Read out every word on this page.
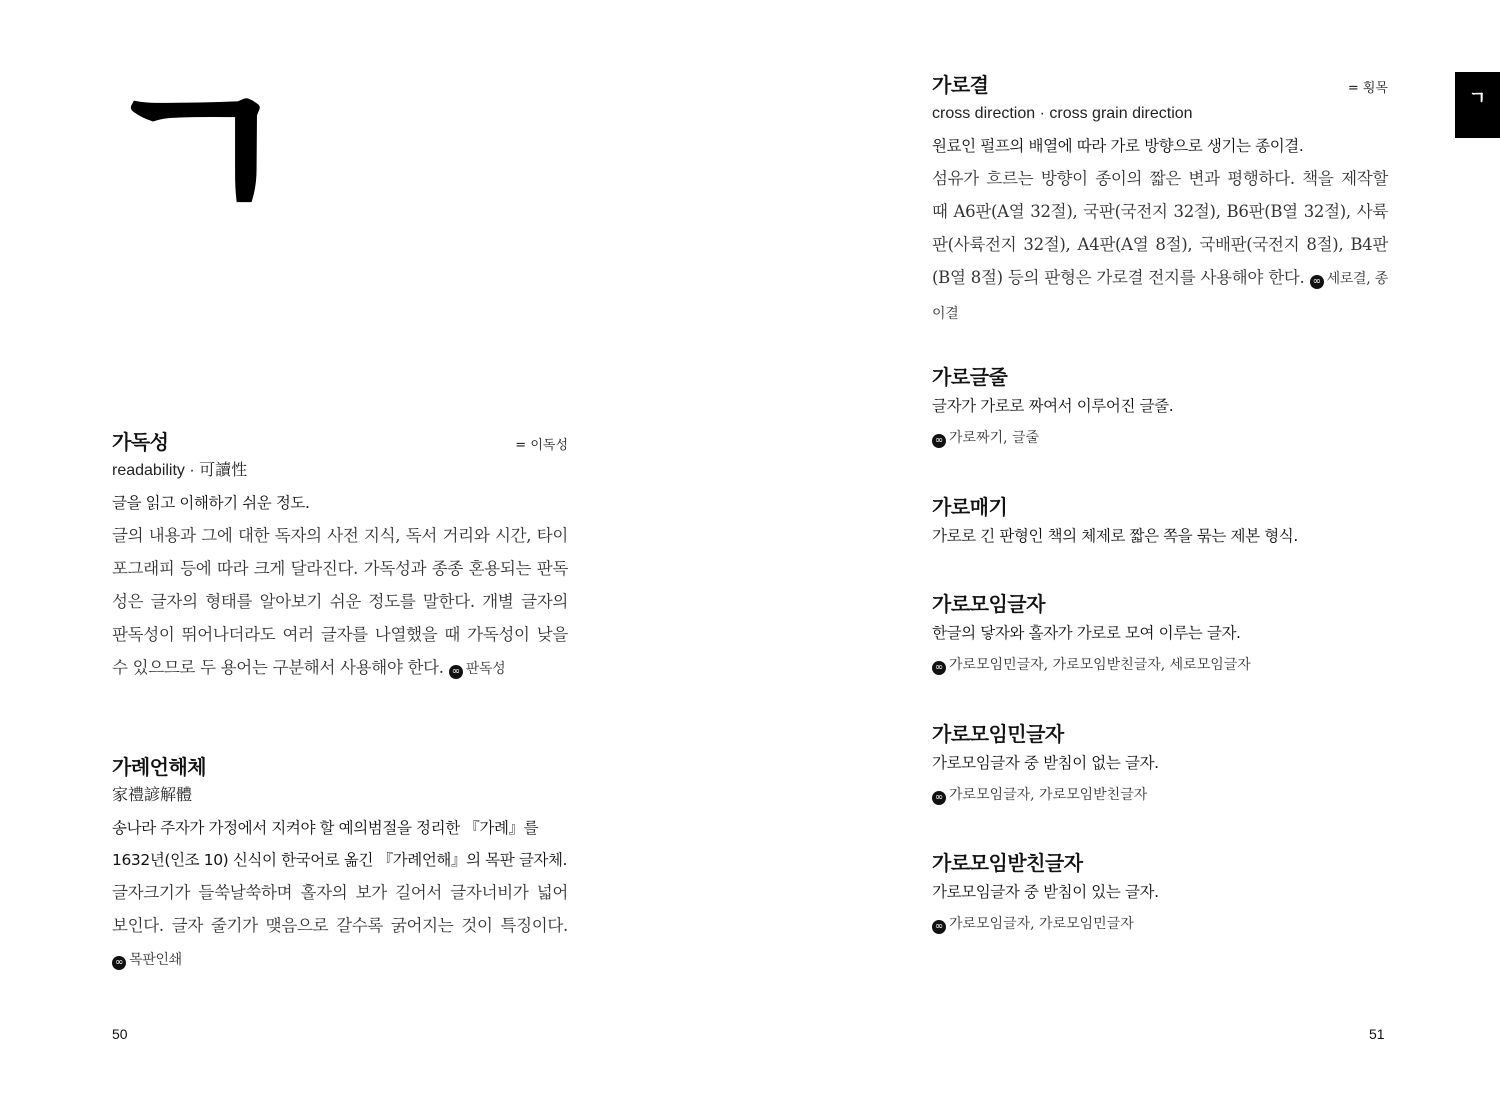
ㄱ
가독성	= 이독성
readability · 可讀性
글을 읽고 이해하기 쉬운 정도.
글의 내용과 그에 대한 독자의 사전 지식, 독서 거리와 시간, 타이포그래피 등에 따라 크게 달라진다. 가독성과 종종 혼용되는 판독성은 글자의 형태를 알아보기 쉬운 정도를 말한다. 개별 글자의 판독성이 뛰어나더라도 여러 글자를 나열했을 때 가독성이 낮을 수 있으므로 두 용어는 구분해서 사용해야 한다. ∞ 판독성
가례언해체
家禮諺解體
송나라 주자가 가정에서 지켜야 할 예의범절을 정리한 『가례』를 1632년(인조 10) 신식이 한국어로 옮긴 『가례언해』의 목판 글자체.
글자크기가 들쑥날쑥하며 홀자의 보가 길어서 글자너비가 넓어 보인다. 글자 줄기가 맺음으로 갈수록 굵어지는 것이 특징이다. ∞ 목판인쇄
50
ㄱ
가로결	= 횡목
cross direction · cross grain direction
원료인 펄프의 배열에 따라 가로 방향으로 생기는 종이결.
섬유가 흐르는 방향이 종이의 짧은 변과 평행하다. 책을 제작할 때 A6판(A열 32절), 국판(국전지 32절), B6판(B열 32절), 사륙판(사륙전지 32절), A4판(A열 8절), 국배판(국전지 8절), B4판(B열 8절) 등의 판형은 가로결 전지를 사용해야 한다. ∞ 세로결, 종이결
가로글줄
글자가 가로로 짜여서 이루어진 글줄.
∞ 가로짜기, 글줄
가로매기
가로로 긴 판형인 책의 체제로 짧은 쪽을 묶는 제본 형식.
가로모임글자
한글의 닿자와 홀자가 가로로 모여 이루는 글자.
∞ 가로모임민글자, 가로모임받친글자, 세로모임글자
가로모임민글자
가로모임글자 중 받침이 없는 글자.
∞ 가로모임글자, 가로모임받친글자
가로모임받친글자
가로모임글자 중 받침이 있는 글자.
∞ 가로모임글자, 가로모임민글자
51
